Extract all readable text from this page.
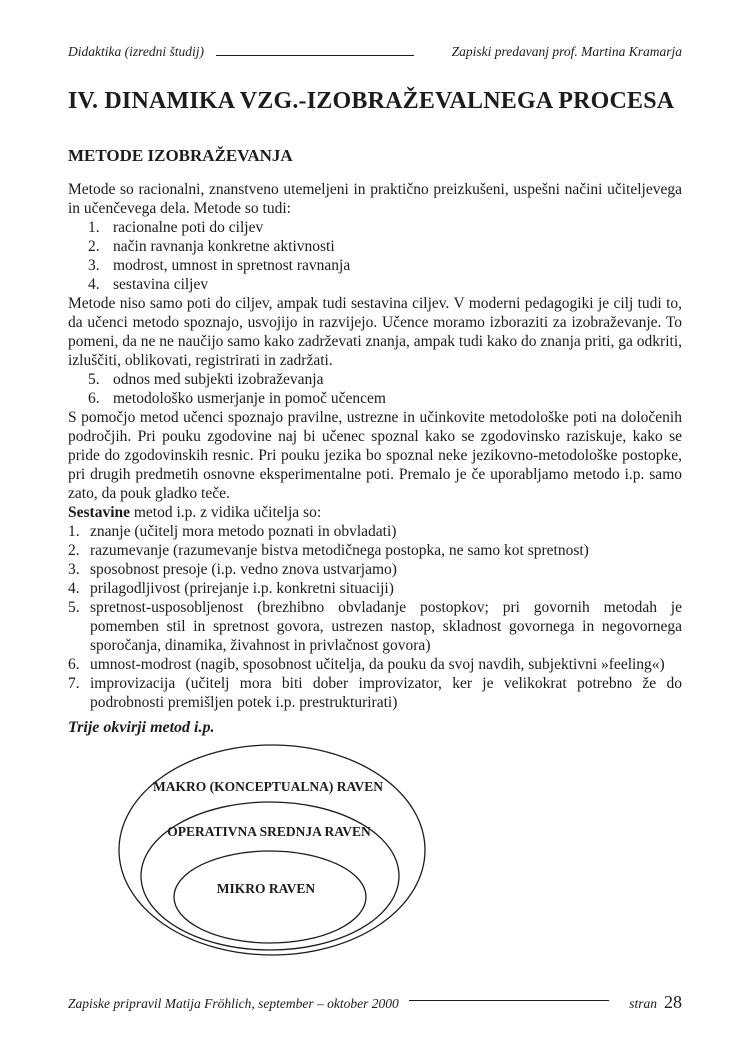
Didaktika (izredni študij)	Zapiski predavanj prof. Martina Kramarja
IV. DINAMIKA VZG.-IZOBRAŽEVALNEGA PROCESA
METODE IZOBRAŽEVANJA

Metode so racionalni, znanstveno utemeljeni in praktično preizkušeni, uspešni načini učiteljevega in učenčevega dela. Metode so tudi:

1. racionalne poti do ciljev
2. način ravnanja konkretne aktivnosti
3. modrost, umnost in spretnost ravnanja
4. sestavina ciljev

Metode niso samo poti do ciljev, ampak tudi sestavina ciljev. V moderni pedagogiki je cilj tudi to, da učenci metodo spoznajo, usvojijo in razvijejo. Učence moramo izboraziti za izobraževanje. To pomeni, da ne ne naučijo samo kako zadrževati znanja, ampak tudi kako do znanja priti, ga odkriti, izluščiti, oblikovati, registrirati in zadržati.

5. odnos med subjekti izobraževanja
6. metodološko usmerjanje in pomoč učencem

S pomočjo metod učenci spoznajo pravilne, ustrezne in učinkovite metodološke poti na določenih področjih. Pri pouku zgodovine naj bi učenec spoznal kako se zgodovinsko raziskuje, kako se pride do zgodovinskih resnic. Pri pouku jezika bo spoznal neke jezikovno-metodološke postopke, pri drugih predmetih osnovne eksperimentalne poti. Premalo je če uporabljamo metodo i.p. samo zato, da pouk gladko teče.

Sestavine metod i.p. z vidika učitelja so:

1. znanje (učitelj mora metodo poznati in obvladati)
2. razumevanje (razumevanje bistva metodičnega postopka, ne samo kot spretnost)
3. sposobnost presoje (i.p. vedno znova ustvarjamo)
4. prilagodljivost (prirejanje i.p. konkretni situaciji)
5. spretnost-usposobljenost (brezhibno obvladanje postopkov; pri govornih metodah je pomemben stil in spretnost govora, ustrezen nastop, skladnost govornega in negovornega sporočanja, dinamika, živahnost in privlačnost govora)
6. umnost-modrost (nagib, sposobnost učitelja, da pouku da svoj navdih, subjektivni »feeling«)
7. improvizacija (učitelj mora biti dober improvizator, ker je velikokrat potrebno že do podrobnosti premišljen potek i.p. prestrukturirati)

Trije okvirji metod i.p.

MAKRO (KONCEPTUALNA) RAVEN
OPERATIVNA SREDNJA RAVEN
MIKRO RAVEN
Zapiske pripravil Matija Fröhlich, september – oktober 2000	stran 28
